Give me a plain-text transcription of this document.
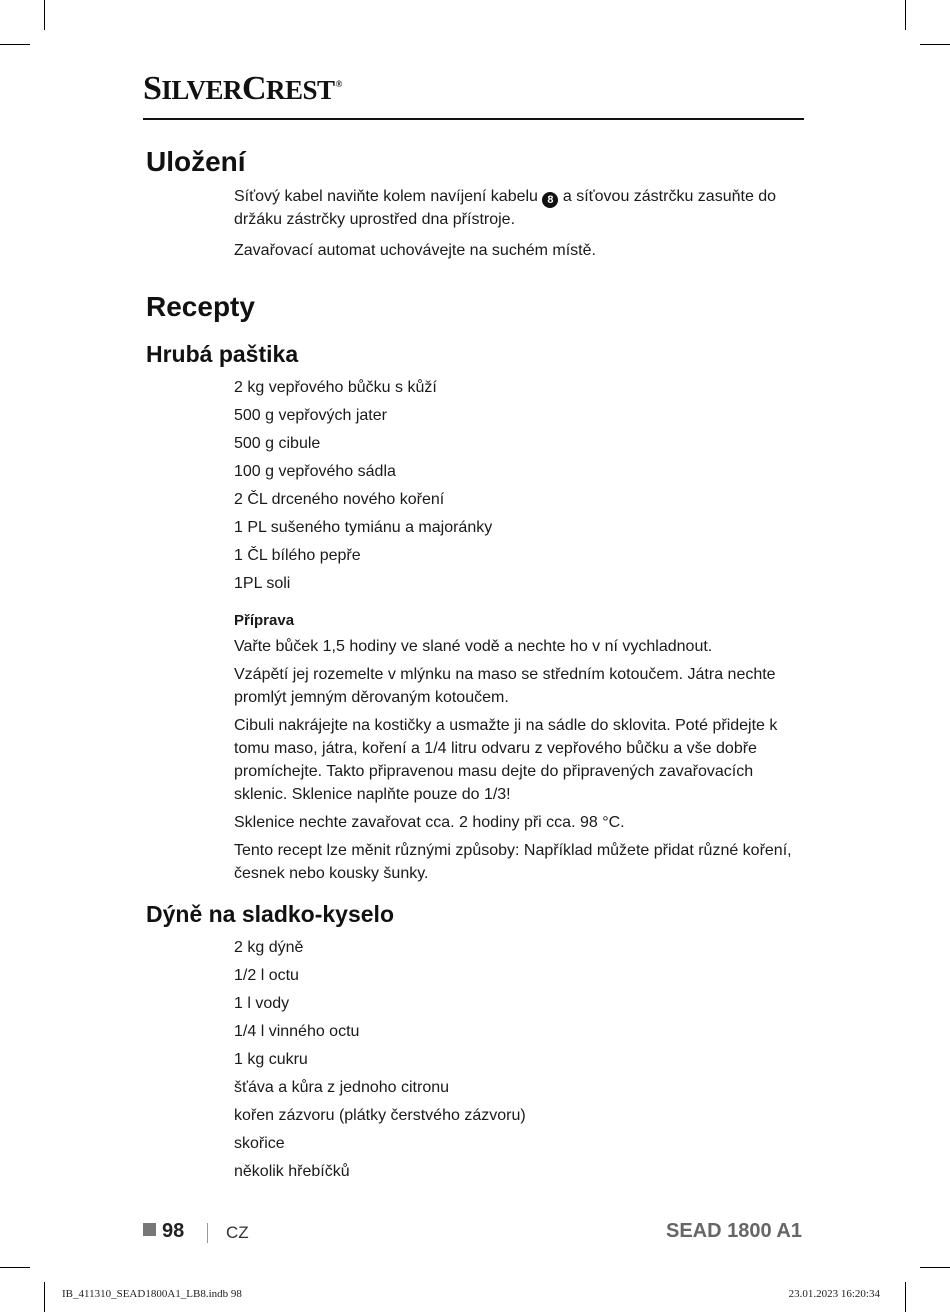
SILVERCREST®
Uložení

Síťový kabel naviňte kolem navíjení kabelu 8 a síťovou zástrčku zasuňte do držáku zástrčky uprostřed dna přístroje.

Zavařovací automat uchovávejte na suchém místě.

Recepty
Hrubá paštika
2 kg vepřového bůčku s kůží
500 g vepřových jater
500 g cibule
100 g vepřového sádla
2 ČL drceného nového koření
1 PL sušeného tymiánu a majoránky
1 ČL bílého pepře
1PL soli
Příprava

Vařte bůček 1,5 hodiny ve slané vodě a nechte ho v ní vychladnout.

Vzápětí jej rozemelte v mlýnku na maso se středním kotoučem. Játra nechte promlýt jemným děrovaným kotoučem.

Cibuli nakrájejte na kostičky a usmažte ji na sádle do sklovita. Poté přidejte k tomu maso, játra, koření a 1/4 litru odvaru z vepřového bůčku a vše dobře promíchejte. Takto připravenou masu dejte do připravených zavařovacích sklenic. Sklenice naplňte pouze do 1/3!

Sklenice nechte zavařovat cca. 2 hodiny při cca. 98 °C.

Tento recept lze měnit různými způsoby: Například můžete přidat různé koření, česnek nebo kousky šunky.

Dýně na sladko-kyselo
2 kg dýně
1/2 l octu
1 l vody
1/4 l vinného octu
1 kg cukru
šťáva a kůra z jednoho citronu
kořen zázvoru (plátky čerstvého zázvoru)
skořice
několik hřebíčků
98 CZ	SEAD 1800 A1
IB_411310_SEAD1800A1_LB8.indb 98	23.01.2023 16:20:34
